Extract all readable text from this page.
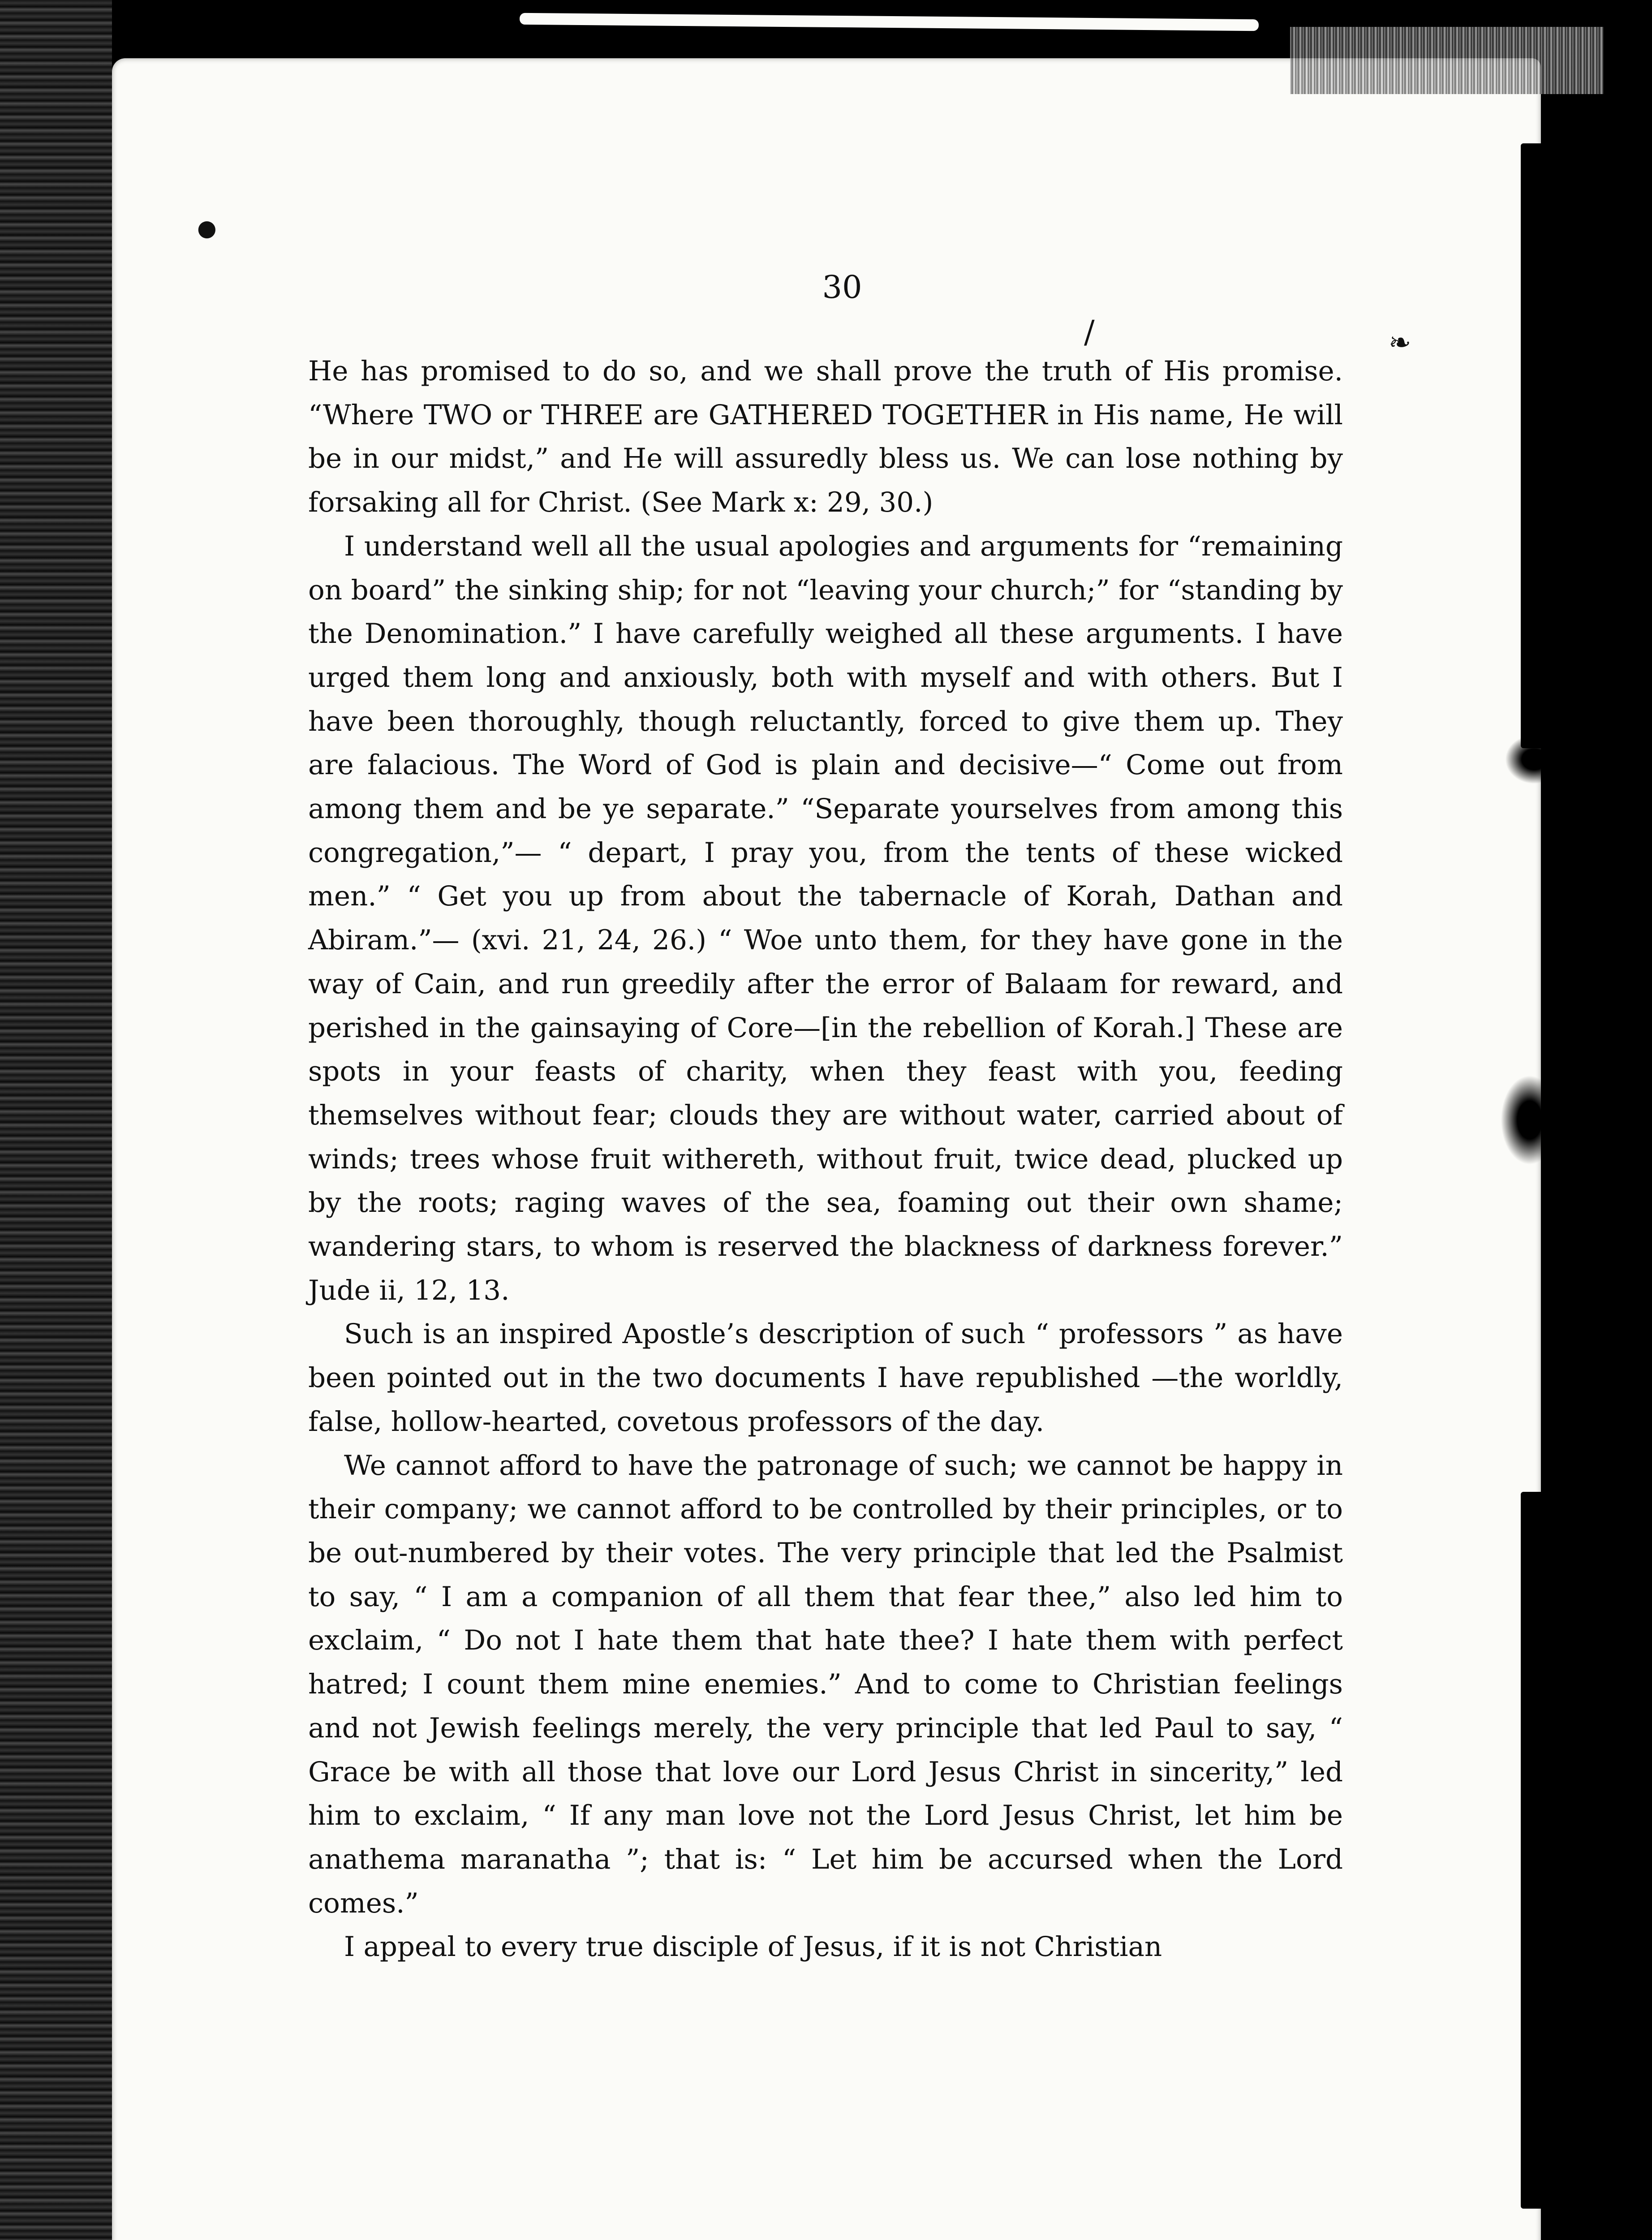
●
❧
/
30

He has promised to do so, and we shall prove the truth of His promise. “Where TWO or THREE are GATHERED TOGETHER in His name, He will be in our midst,” and He will assuredly bless us. We can lose nothing by forsaking all for Christ. (See Mark x: 29, 30.)

I understand well all the usual apologies and arguments for “remaining on board” the sinking ship; for not “leaving your church;” for “standing by the Denomination.” I have carefully weighed all these arguments. I have urged them long and anxiously, both with myself and with others. But I have been thoroughly, though reluctantly, forced to give them up. They are falacious. The Word of God is plain and decisive—“ Come out from among them and be ye separate.” “Separate yourselves from among this congregation,”— “ depart, I pray you, from the tents of these wicked men.” “ Get you up from about the tabernacle of Korah, Dathan and Abiram.”— (xvi. 21, 24, 26.) “ Woe unto them, for they have gone in the way of Cain, and run greedily after the error of Balaam for reward, and perished in the gainsaying of Core—[in the rebellion of Korah.] These are spots in your feasts of charity, when they feast with you, feeding themselves without fear; clouds they are without water, carried about of winds; trees whose fruit withereth, without fruit, twice dead, plucked up by the roots; raging waves of the sea, foaming out their own shame; wandering stars, to whom is reserved the blackness of darkness forever.” Jude ii, 12, 13.

Such is an inspired Apostle’s description of such “ professors ” as have been pointed out in the two documents I have republished —the worldly, false, hollow-hearted, covetous professors of the day.

We cannot afford to have the patronage of such; we cannot be happy in their company; we cannot afford to be controlled by their principles, or to be out-numbered by their votes. The very principle that led the Psalmist to say, “ I am a companion of all them that fear thee,” also led him to exclaim, “ Do not I hate them that hate thee? I hate them with perfect hatred; I count them mine enemies.” And to come to Christian feelings and not Jewish feelings merely, the very principle that led Paul to say, “ Grace be with all those that love our Lord Jesus Christ in sincerity,” led him to exclaim, “ If any man love not the Lord Jesus Christ, let him be anathema maranatha ”; that is: “ Let him be accursed when the Lord comes.”

I appeal to every true disciple of Jesus, if it is not Christian
